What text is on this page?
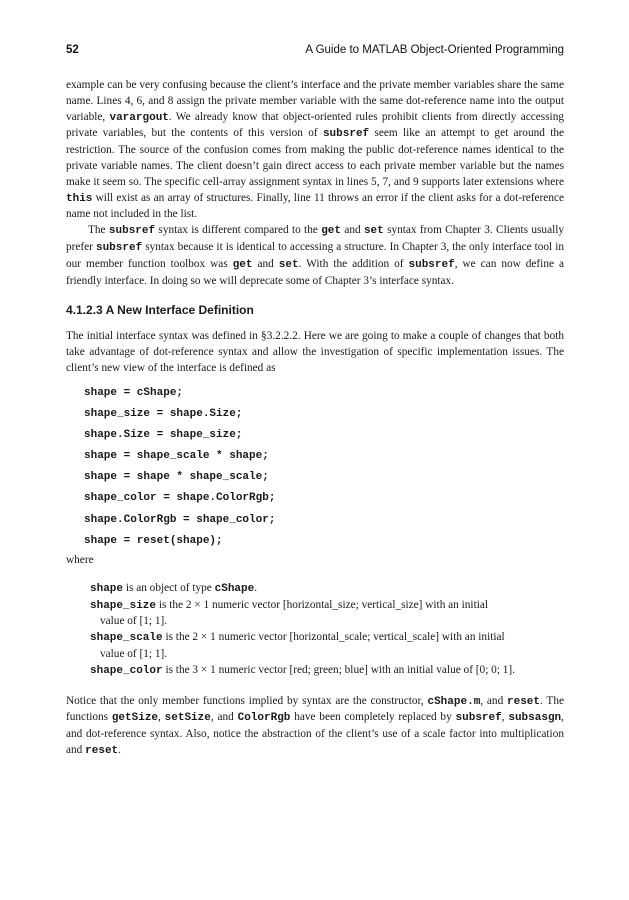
52	A Guide to MATLAB Object-Oriented Programming

example can be very confusing because the client’s interface and the private member variables share the same name. Lines 4, 6, and 8 assign the private member variable with the same dot-reference name into the output variable, varargout. We already know that object-oriented rules prohibit clients from directly accessing private variables, but the contents of this version of subsref seem like an attempt to get around the restriction. The source of the confusion comes from making the public dot-reference names identical to the private variable names. The client doesn’t gain direct access to each private member variable but the names make it seem so. The specific cell-array assignment syntax in lines 5, 7, and 9 supports later extensions where this will exist as an array of structures. Finally, line 11 throws an error if the client asks for a dot-reference name not included in the list.

The subsref syntax is different compared to the get and set syntax from Chapter 3. Clients usually prefer subsref syntax because it is identical to accessing a structure. In Chapter 3, the only interface tool in our member function toolbox was get and set. With the addition of subsref, we can now define a friendly interface. In doing so we will deprecate some of Chapter 3’s interface syntax.

4.1.2.3 A New Interface Definition

The initial interface syntax was defined in §3.2.2.2. Here we are going to make a couple of changes that both take advantage of dot-reference syntax and allow the investigation of specific implementation issues. The client’s new view of the interface is defined as

shape = cShape;
shape_size = shape.Size;
shape.Size = shape_size;
shape = shape_scale * shape;
shape = shape * shape_scale;
shape_color = shape.ColorRgb;
shape.ColorRgb = shape_color;
shape = reset(shape);

where

shape is an object of type cShape.
shape_size is the 2 × 1 numeric vector [horizontal_size; vertical_size] with an initial
value of [1; 1].
shape_scale is the 2 × 1 numeric vector [horizontal_scale; vertical_scale] with an initial
value of [1; 1].
shape_color is the 3 × 1 numeric vector [red; green; blue] with an initial value of [0; 0; 1].

Notice that the only member functions implied by syntax are the constructor, cShape.m, and reset. The functions getSize, setSize, and ColorRgb have been completely replaced by subsref, subsasgn, and dot-reference syntax. Also, notice the abstraction of the client’s use of a scale factor into multiplication and reset.
